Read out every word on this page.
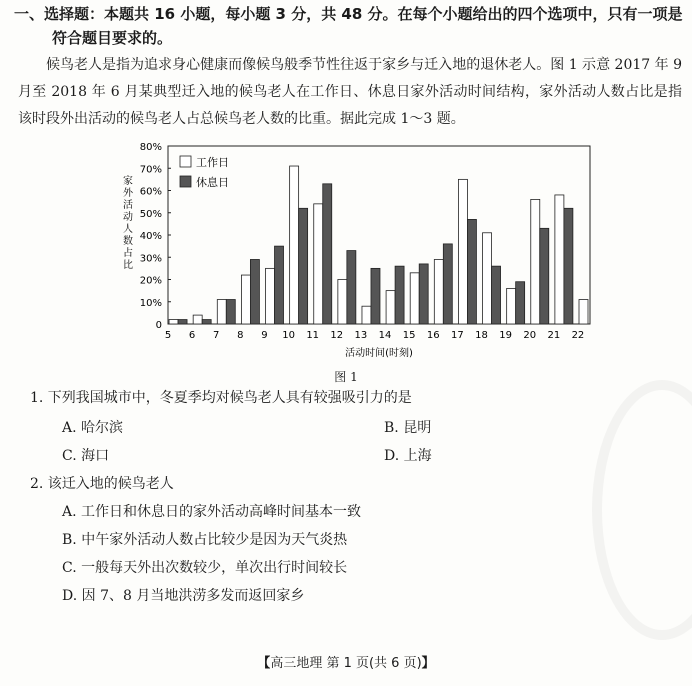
一、选择题：本题共 16 小题，每小题 3 分，共 48 分。在每个小题给出的四个选项中，只有一项是
符合题目要求的。
候鸟老人是指为追求身心健康而像候鸟般季节性往返于家乡与迁入地的退休老人。图 1 示意 2017 年 9 月至 2018 年 6 月某典型迁入地的候鸟老人在工作日、休息日家外活动时间结构，家外活动人数占比是指该时段外出活动的候鸟老人占总候鸟老人数的比重。据此完成 1～3 题。
家外活动人数占比
80%
70%
60%
50%
40%
30%
20%
10%
0
5 6 7 8 9 10 11 12 13 14 15 16 17 18 19 20 21 22
活动时间(时刻)
工作日
休息日
图 1
1. 下列我国城市中，冬夏季均对候鸟老人具有较强吸引力的是
A. 哈尔滨	B. 昆明
C. 海口	D. 上海
2. 该迁入地的候鸟老人
A. 工作日和休息日的家外活动高峰时间基本一致
B. 中午家外活动人数占比较少是因为天气炎热
C. 一般每天外出次数较少，单次出行时间较长
D. 因 7、8 月当地洪涝多发而返回家乡
【高三地理 第 1 页(共 6 页)】
